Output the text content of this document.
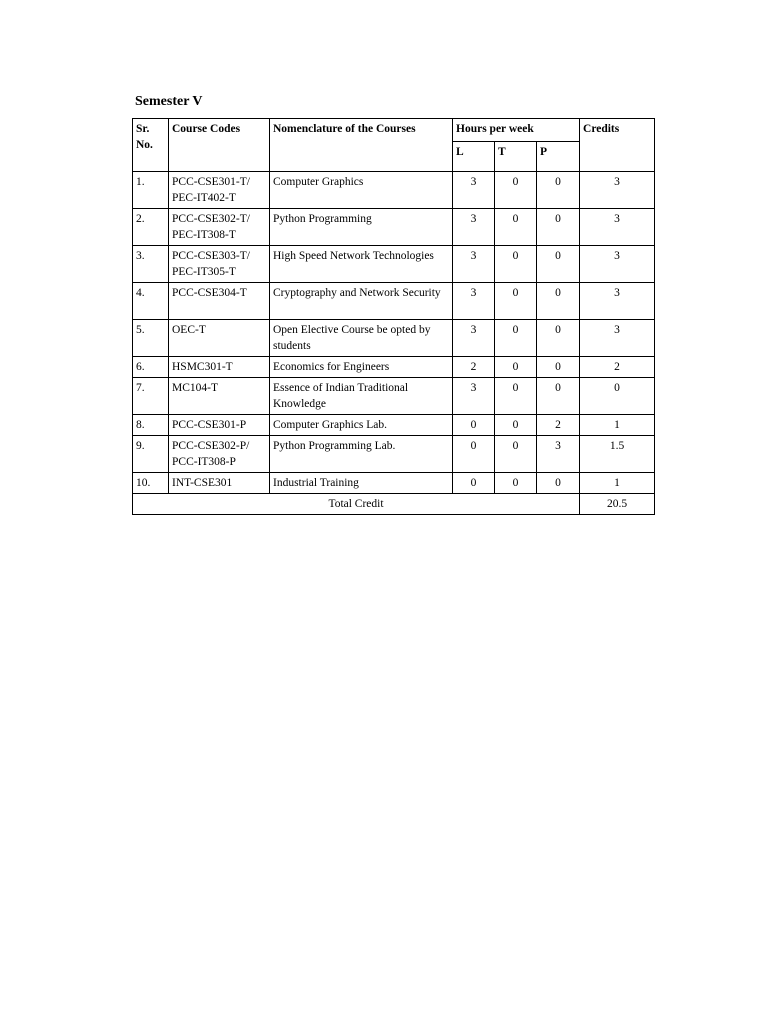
Semester V
Sr. No.	Course Codes	Nomenclature of the Courses	Hours per week			Credits
			L	T	P	
1.	PCC-CSE301-T/ PEC-IT402-T	Computer Graphics	3	0	0	3
2.	PCC-CSE302-T/ PEC-IT308-T	Python Programming	3	0	0	3
3.	PCC-CSE303-T/ PEC-IT305-T	High Speed Network Technologies	3	0	0	3
4.	PCC-CSE304-T	Cryptography and Network Security	3	0	0	3
5.	OEC-T	Open Elective Course be opted by students	3	0	0	3
6.	HSMC301-T	Economics for Engineers	2	0	0	2
7.	MC104-T	Essence of Indian Traditional Knowledge	3	0	0	0
8.	PCC-CSE301-P	Computer Graphics Lab.	0	0	2	1
9.	PCC-CSE302-P/ PCC-IT308-P	Python Programming Lab.	0	0	3	1.5
10.	INT-CSE301	Industrial Training	0	0	0	1
Total Credit						20.5
